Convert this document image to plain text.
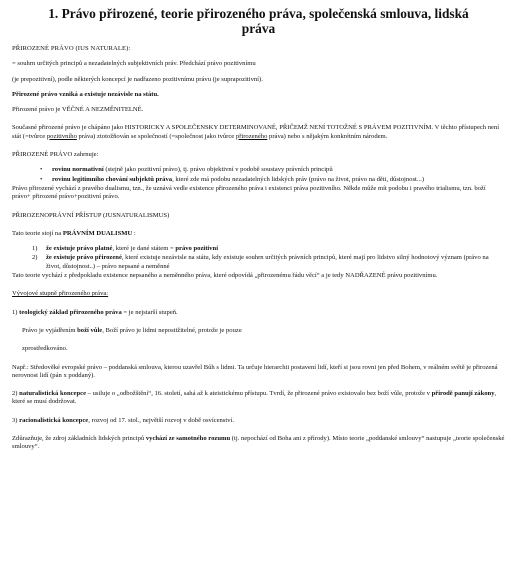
1. Právo přirozené, teorie přirozeného práva, společenská smlouva, lidská práva

PŘIROZENÉ PRÁVO (IUS NATURALE):

= souhrn určitých principů a nezadatelných subjektivních práv. Předchází právo pozitivnímu

(je prepozitivní), podle některých koncepcí je nadřazeno pozitivnímu právu (je suprapozitivní).

Přirozené právo vzniká a existuje nezávisle na státu.

Přirozené právo je VĚČNÉ A NEZMĚNITELNÉ.

Současné přirozené právo je chápáno jako HISTORICKY A SPOLEČENSKY DETERMINOVANÉ, PŘIČEMŽ NENÍ TOTOŽNÉ S PRÁVEM POZITIVNÍM. V těchto přístupech není stát (=tvůrce pozitivního práva) ztotožňován se společností (=společnost jako tvůrce přirozeného práva) nebo s nějakým konkrétním národem.

PŘIROZENÉ PRÁVO zahrnuje:

• rovinu normativní (stejně jako pozitivní právo), tj. právo objektivní v podobě soustavy právních principů
• rovinu legitimního chování subjektů práva, které zde má podobu nezadatelných lidských práv (právo na život, právo na děti, důstojnost...)

Právo přirozené vychází z pravého dualismu, tzn., že uznává vedle existence přirozeného práva i existenci práva pozitivního. Někde může mít podobu i pravého trialismu, tzn. boží právo+ přirozené právo+pozitivní právo.

PŘIROZENOPRÁVNÍ PŘÍSTUP (JUSNATURALISMUS)

Tato teorie stojí na PRÁVNÍM DUALISMU :

1) že existuje právo platné, které je dané státem = právo pozitivní
2) že existuje právo přirozené, které existuje nezávisle na státu, kdy existuje souhrn určitých právních principů, které mají pro lidstvo silný hodnotový význam (právo na život, důstojnost..) – právo nepsané a neměnné

Tato teorie vychází z předpokladu existence nepsaného a neměnného práva, které odpovídá „přirozenému řádu věcí“ a je tedy NADŘAZENÉ právu pozitivnímu.

Vývojové stupně přirozeného práva:

1) teologický základ přirozeného práva = je nejstarší stupeň.

Právo je vyjádřením boží vůle, Boží právo je lidmi nepostižitelné, protože je pouze

zprostředkováno.

Např.: Středověké evropské právo – poddanská smlouva, kterou uzavřel Bůh s lidmi. Ta určuje hierarchii postavení lidí, kteří si jsou rovni jen před Bohem, v reálném světě je přirozená nerovnost lidí (pán x poddaný).

2) naturalistická koncepce – usiluje o „odbožštění“, 16. století, sahá až k ateistickému přístupu. Tvrdí, že přirozené právo existovalo bez boží vůle, protože v přírodě panují zákony, které se musí dodržovat.

3) racionalistická koncepce, rozvoj od 17. stol., největší rozvoj v době osvícenství.

Zdůrazňuje, že zdroj základních lidských principů vychází ze samotného rozumu (tj. nepochází od Boha ani z přírody). Místo teorie „poddanské smlouvy“ nastupuje „teorie společenské smlouvy“.
